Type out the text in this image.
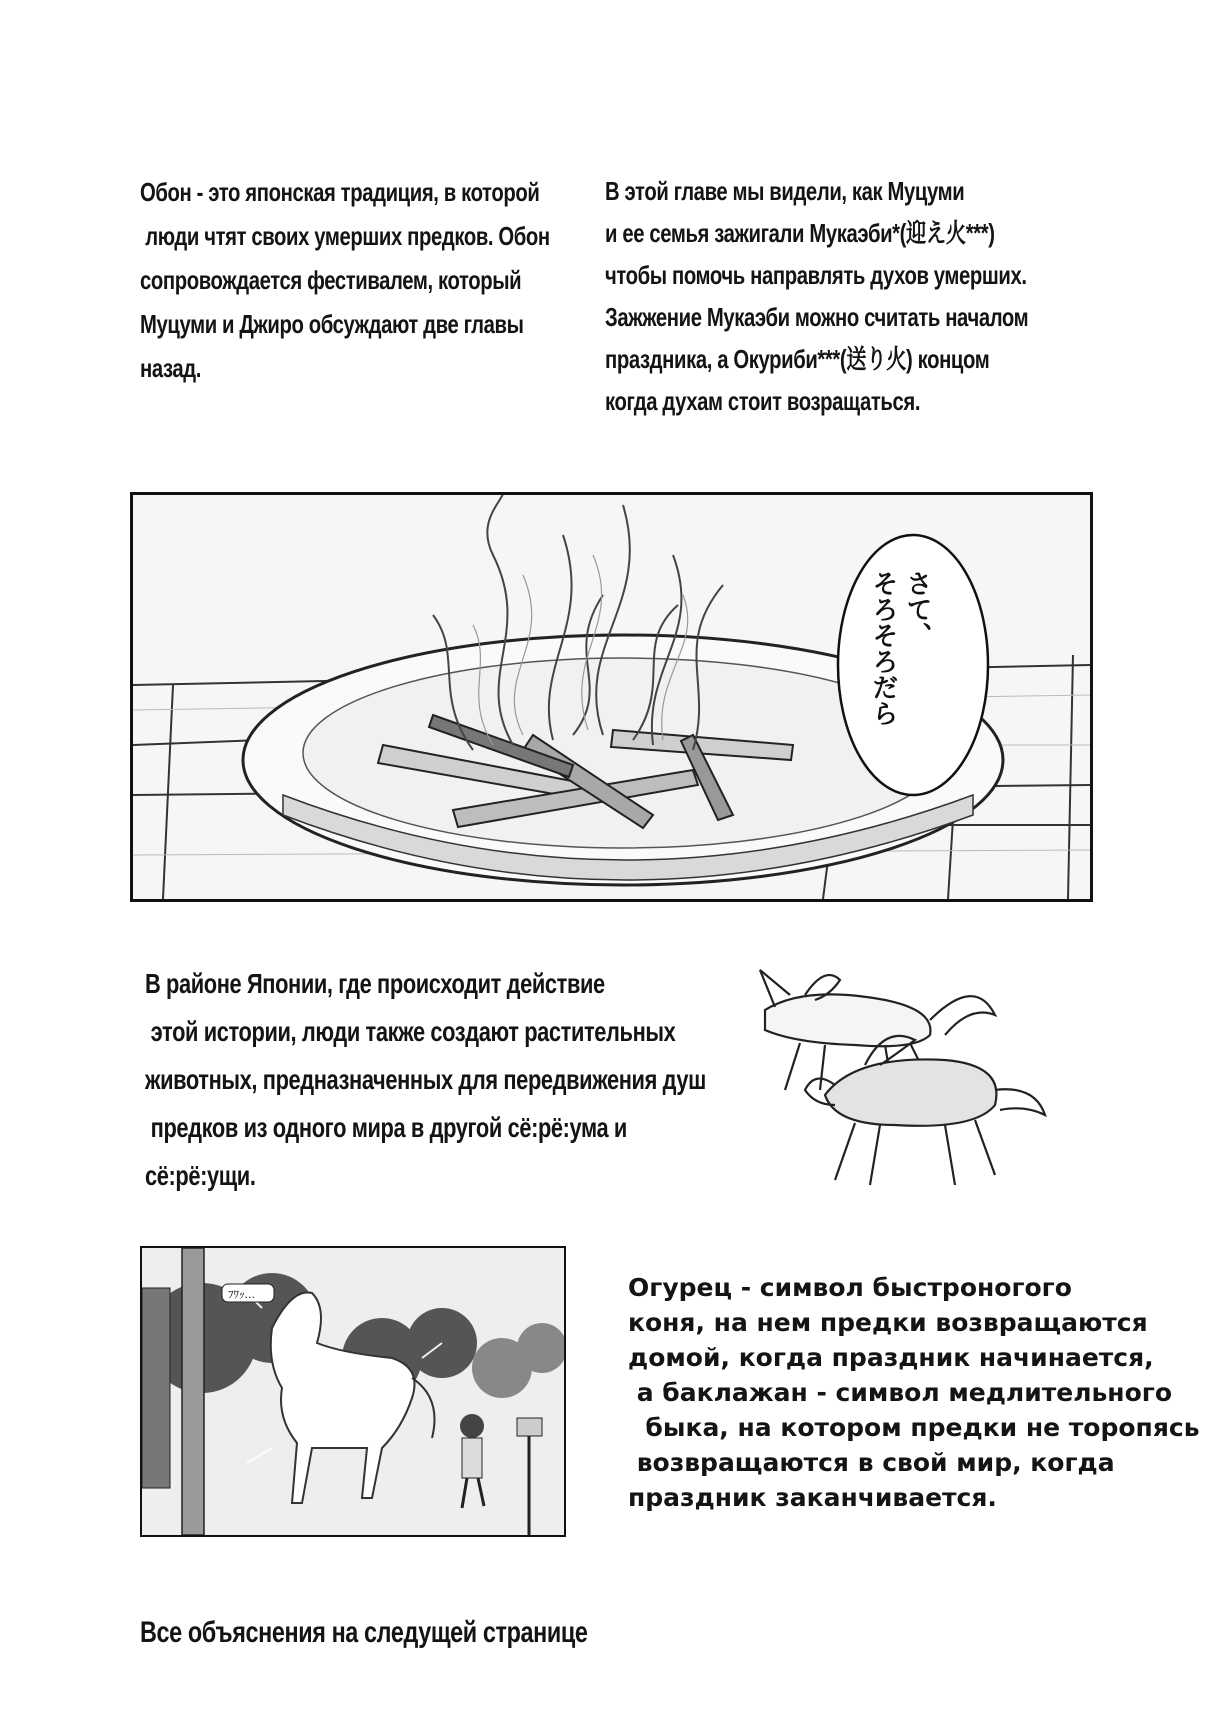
Обон - это японская традиция, в которой
люди чтят своих умерших предков. Обон
сопровождается фестивалем, который
Муцуми и Джиро обсуждают две главы
назад.
В этой главе мы видели, как Муцуми
и ее семья зажигали Мукаэби*(迎え火***)
чтобы помочь направлять духов умерших.
Зажжение Мукаэби можно считать началом
праздника, а Окуриби***(送り火) концом
когда духам стоит возращаться.
さて、
そろそろだら
В районе Японии, где происходит действие
этой истории, люди также создают растительных
животных, предназначенных для передвижения душ
предков из одного мира в другой сё:рё:ума и
сё:рё:ущи.
ﾌﾜｯ...	Огурец - символ быстроногого
коня, на нем предки возвращаются
домой, когда праздник начинается,
а баклажан - символ медлительного
быка, на котором предки не торопясь
возвращаются в свой мир, когда
праздник заканчивается.
Все объяснения на следущей странице
